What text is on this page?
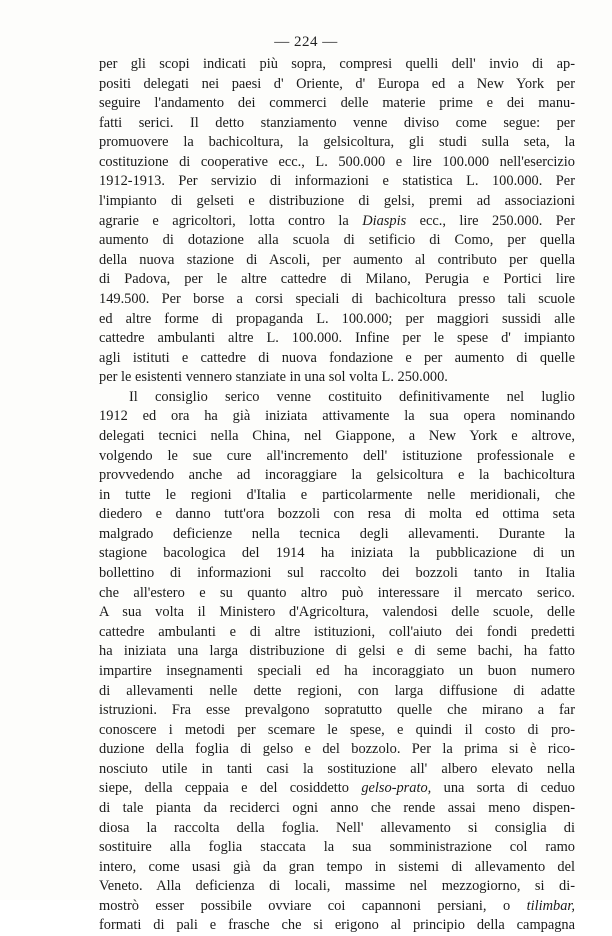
— 224 —
per gli scopi indicati più sopra, compresi quelli dell' invio di ap-
positi delegati nei paesi d' Oriente, d' Europa ed a New York per
seguire l'andamento dei commerci delle materie prime e dei manu-
fatti serici. Il detto stanziamento venne diviso come segue: per
promuovere la bachicoltura, la gelsicoltura, gli studi sulla seta, la
costituzione di cooperative ecc., L. 500.000 e lire 100.000 nell'esercizio
1912-1913. Per servizio di informazioni e statistica L. 100.000. Per
l'impianto di gelseti e distribuzione di gelsi, premi ad associazioni
agrarie e agricoltori, lotta contro la Diaspis ecc., lire 250.000. Per
aumento di dotazione alla scuola di setificio di Como, per quella
della nuova stazione di Ascoli, per aumento al contributo per quella
di Padova, per le altre cattedre di Milano, Perugia e Portici lire
149.500. Per borse a corsi speciali di bachicoltura presso tali scuole
ed altre forme di propaganda L. 100.000; per maggiori sussidi alle
cattedre ambulanti altre L. 100.000. Infine per le spese d' impianto
agli istituti e cattedre di nuova fondazione e per aumento di quelle
per le esistenti vennero stanziate in una sol volta L. 250.000.
Il consiglio serico venne costituito definitivamente nel luglio
1912 ed ora ha già iniziata attivamente la sua opera nominando
delegati tecnici nella China, nel Giappone, a New York e altrove,
volgendo le sue cure all'incremento dell' istituzione professionale e
provvedendo anche ad incoraggiare la gelsicoltura e la bachicoltura
in tutte le regioni d'Italia e particolarmente nelle meridionali, che
diedero e danno tutt'ora bozzoli con resa di molta ed ottima seta
malgrado deficienze nella tecnica degli allevamenti. Durante la
stagione bacologica del 1914 ha iniziata la pubblicazione di un
bollettino di informazioni sul raccolto dei bozzoli tanto in Italia
che all'estero e su quanto altro può interessare il mercato serico.
A sua volta il Ministero d'Agricoltura, valendosi delle scuole, delle
cattedre ambulanti e di altre istituzioni, coll'aiuto dei fondi predetti
ha iniziata una larga distribuzione di gelsi e di seme bachi, ha fatto
impartire insegnamenti speciali ed ha incoraggiato un buon numero
di allevamenti nelle dette regioni, con larga diffusione di adatte
istruzioni. Fra esse prevalgono sopratutto quelle che mirano a far
conoscere i metodi per scemare le spese, e quindi il costo di pro-
duzione della foglia di gelso e del bozzolo. Per la prima si è rico-
nosciuto utile in tanti casi la sostituzione all' albero elevato nella
siepe, della ceppaia e del cosiddetto gelso-prato, una sorta di ceduo
di tale pianta da reciderci ogni anno che rende assai meno dispen-
diosa la raccolta della foglia. Nell' allevamento si consiglia di
sostituire alla foglia staccata la sua somministrazione col ramo
intero, come usasi già da gran tempo in sistemi di allevamento del
Veneto. Alla deficienza di locali, massime nel mezzogiorno, si di-
mostrò esser possibile ovviare coi capannoni persiani, o tilimbar,
formati di pali e frasche che si erigono al principio della campagna
